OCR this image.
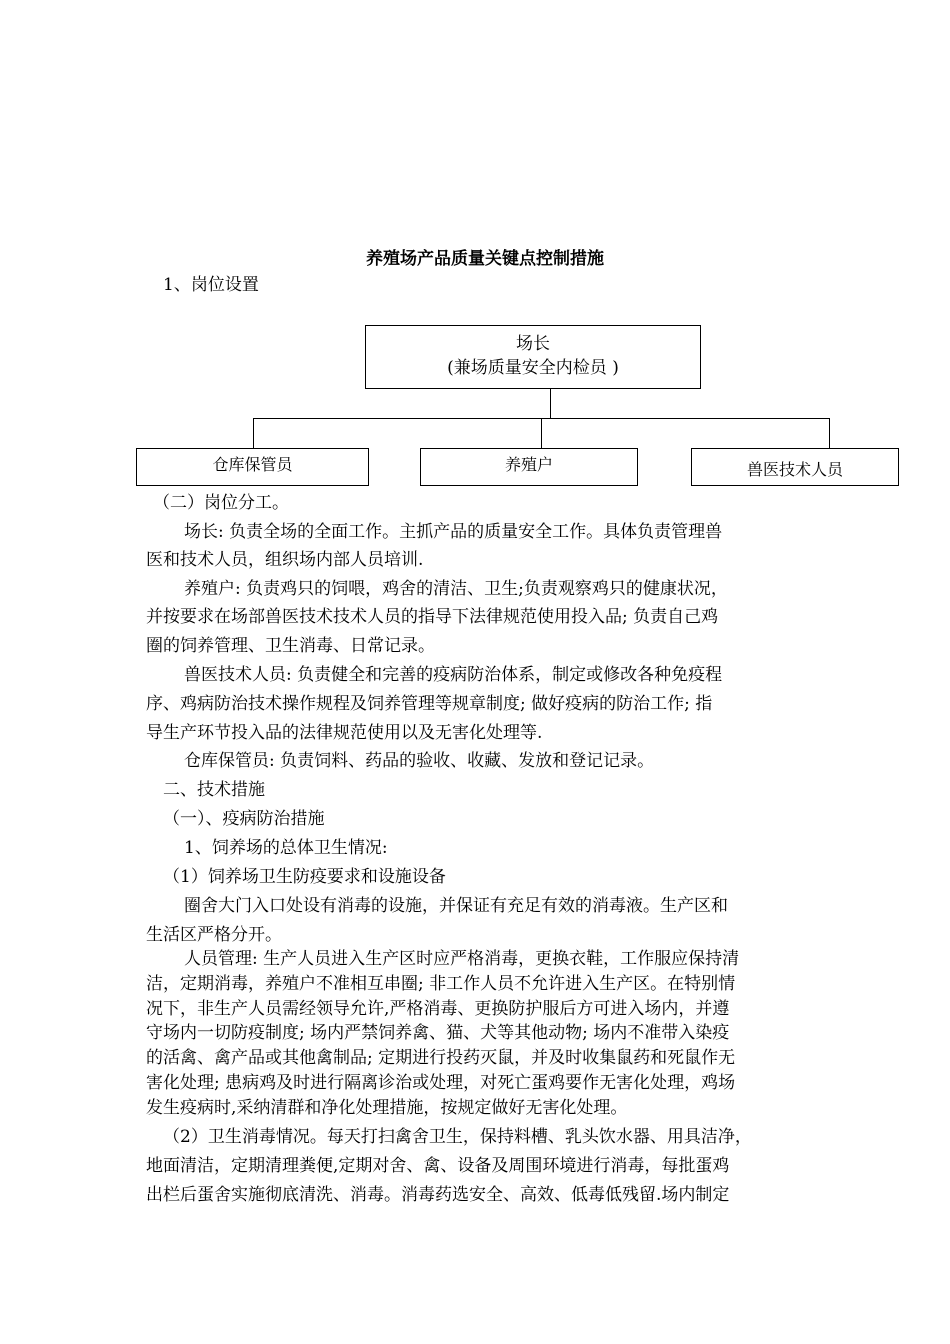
养殖场产品质量关键点控制措施
1、岗位设置
场长
(兼场质量安全内检员 )
仓库保管员	养殖户	兽医技术人员
（二）岗位分工。
场长: 负责全场的全面工作。主抓产品的质量安全工作。具体负责管理兽
医和技术人员，组织场内部人员培训.
养殖户: 负责鸡只的饲喂，鸡舍的清洁、卫生;负责观察鸡只的健康状况，
并按要求在场部兽医技术技术人员的指导下法律规范使用投入品; 负责自己鸡
圈的饲养管理、卫生消毒、日常记录。
兽医技术人员: 负责健全和完善的疫病防治体系，制定或修改各种免疫程
序、鸡病防治技术操作规程及饲养管理等规章制度; 做好疫病的防治工作; 指
导生产环节投入品的法律规范使用以及无害化处理等.
仓库保管员: 负责饲料、药品的验收、收藏、发放和登记记录。
二、技术措施
（一）、疫病防治措施
1、饲养场的总体卫生情况:
（1）饲养场卫生防疫要求和设施设备
圈舍大门入口处设有消毒的设施，并保证有充足有效的消毒液。生产区和
生活区严格分开。
人员管理: 生产人员进入生产区时应严格消毒，更换衣鞋，工作服应保持清
洁，定期消毒，养殖户不准相互串圈; 非工作人员不允许进入生产区。在特别情
况下，非生产人员需经领导允许,严格消毒、更换防护服后方可进入场内，并遵
守场内一切防疫制度; 场内严禁饲养禽、猫、犬等其他动物; 场内不准带入染疫
的活禽、禽产品或其他禽制品; 定期进行投药灭鼠，并及时收集鼠药和死鼠作无
害化处理; 患病鸡及时进行隔离诊治或处理，对死亡蛋鸡要作无害化处理，鸡场
发生疫病时,采纳清群和净化处理措施，按规定做好无害化处理。
（2）卫生消毒情况。每天打扫禽舍卫生，保持料槽、乳头饮水器、用具洁净，
地面清洁，定期清理粪便,定期对舍、禽、设备及周围环境进行消毒，每批蛋鸡
出栏后蛋舍实施彻底清洗、消毒。消毒药选安全、高效、低毒低残留.场内制定
